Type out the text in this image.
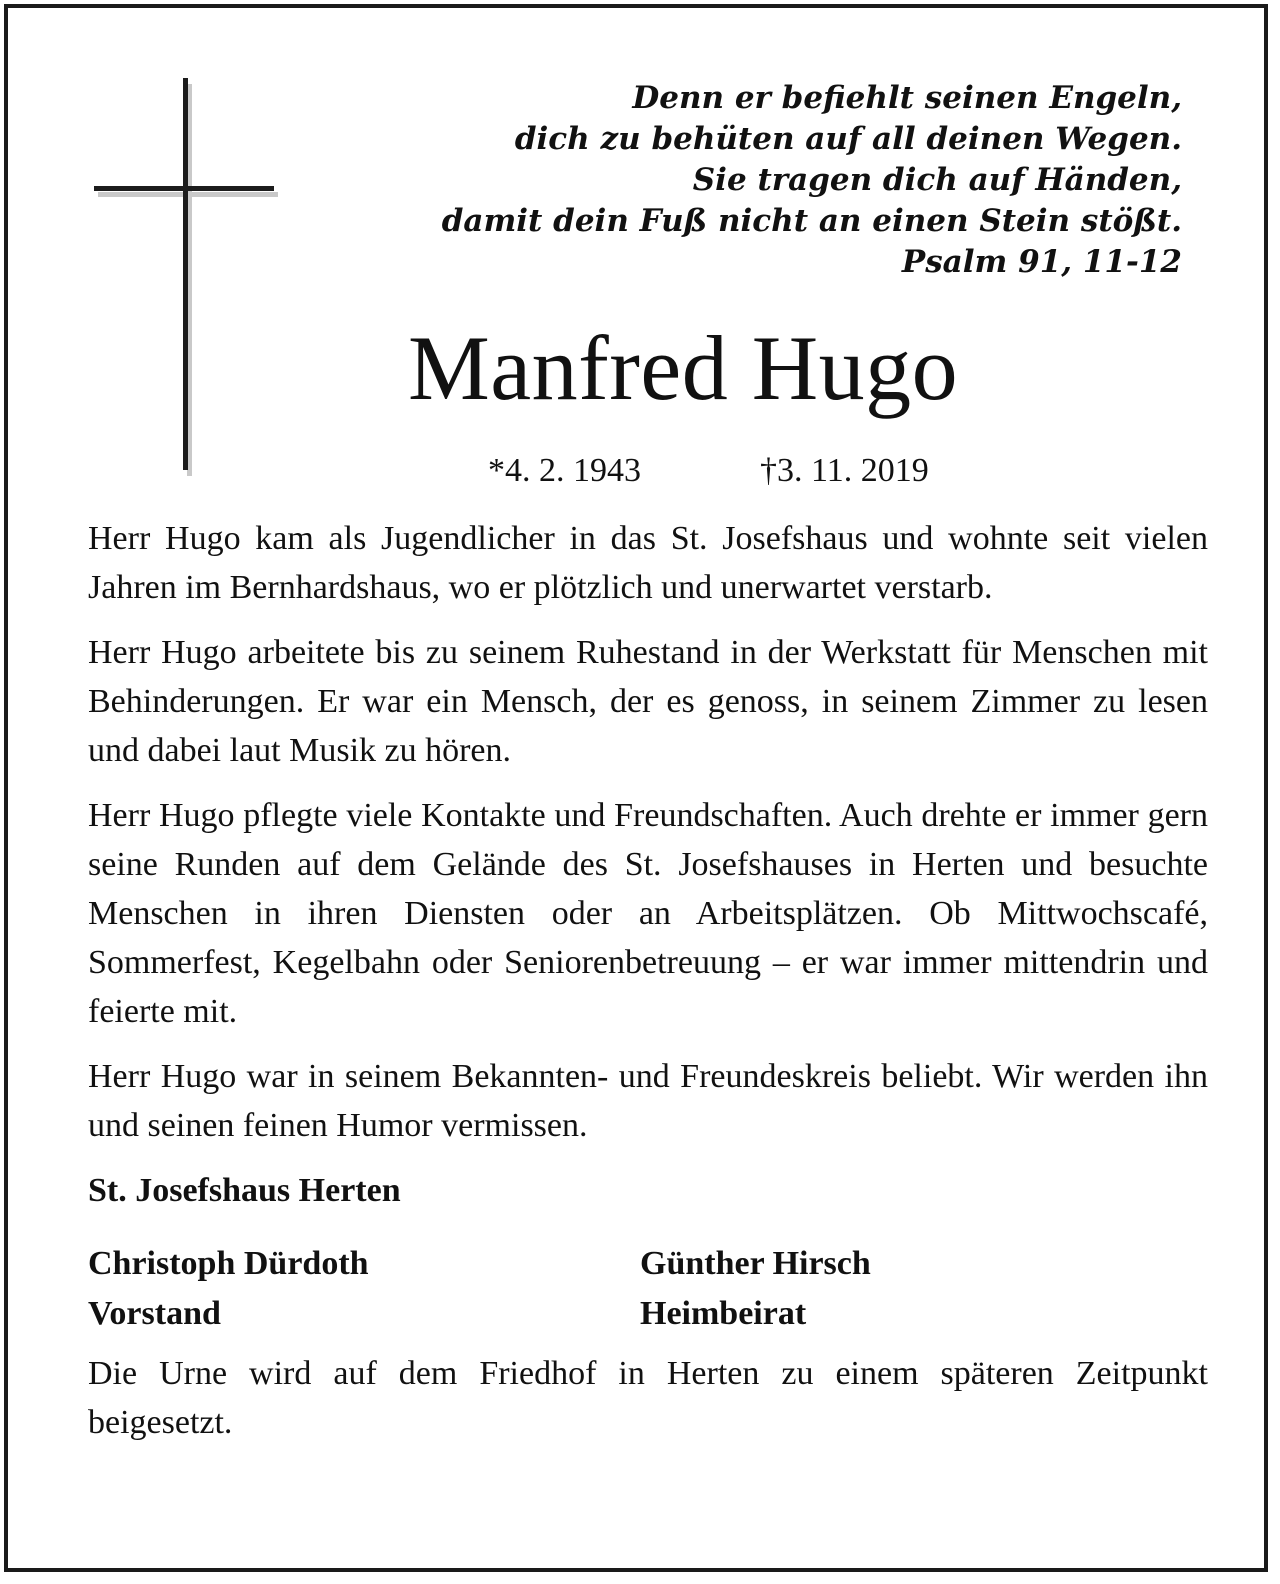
Denn er befiehlt seinen Engeln,
dich zu behüten auf all deinen Wegen.
Sie tragen dich auf Händen,
damit dein Fuß nicht an einen Stein stößt.
Psalm 91, 11-12
Manfred Hugo
*4. 2. 1943	†3. 11. 2019

Herr Hugo kam als Jugendlicher in das St. Josefshaus und wohnte seit vielen Jahren im Bernhardshaus, wo er plötzlich und unerwartet verstarb.

Herr Hugo arbeitete bis zu seinem Ruhestand in der Werkstatt für Menschen mit Behinderungen. Er war ein Mensch, der es genoss, in seinem Zimmer zu lesen und dabei laut Musik zu hören.

Herr Hugo pflegte viele Kontakte und Freundschaften. Auch drehte er immer gern seine Runden auf dem Gelände des St. Josefshauses in Herten und besuchte Menschen in ihren Diensten oder an Arbeitsplätzen. Ob Mittwochscafé, Sommerfest, Kegelbahn oder Seniorenbetreuung – er war immer mittendrin und feierte mit.

Herr Hugo war in seinem Bekannten- und Freundeskreis beliebt. Wir werden ihn und seinen feinen Humor vermissen.

St. Josefshaus Herten
Christoph Dürdoth
Vorstand
Günther Hirsch
Heimbeirat

Die Urne wird auf dem Friedhof in Herten zu einem späteren Zeitpunkt beigesetzt.
